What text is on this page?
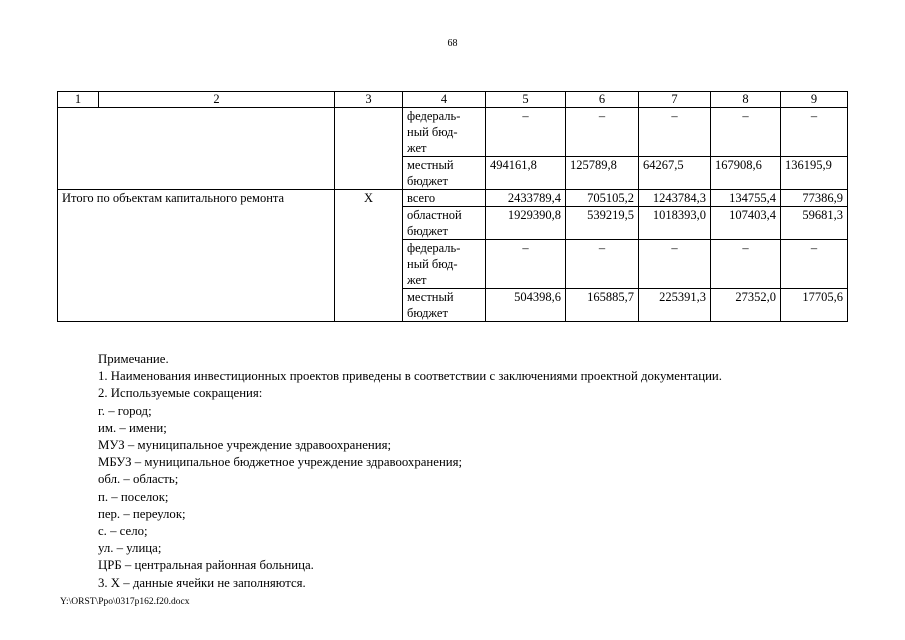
68
1	2	3	4	5	6	7	8	9
			федераль-
ный бюд-
жет	–	–	–	–	–
			местный
бюджет	494161,8	125789,8	64267,5	167908,6	136195,9
Итого по объектам капитального ремонта		Х	всего	2433789,4	705105,2	1243784,3	134755,4	77386,9
			областной
бюджет	1929390,8	539219,5	1018393,0	107403,4	59681,3
			федераль-
ный бюд-
жет	–	–	–	–	–
			местный
бюджет	504398,6	165885,7	225391,3	27352,0	17705,6
Примечание.
1. Наименования инвестиционных проектов приведены в соответствии с заключениями проектной документации.
2. Используемые сокращения:
г. – город;
им. – имени;
МУЗ – муниципальное учреждение здравоохранения;
МБУЗ – муниципальное бюджетное учреждение здравоохранения;
обл. – область;
п. – поселок;
пер. – переулок;
с. – село;
ул. – улица;
ЦРБ – центральная районная больница.
3. Х – данные ячейки не заполняются.
Y:\ORST\Ppo\0317p162.f20.docx
